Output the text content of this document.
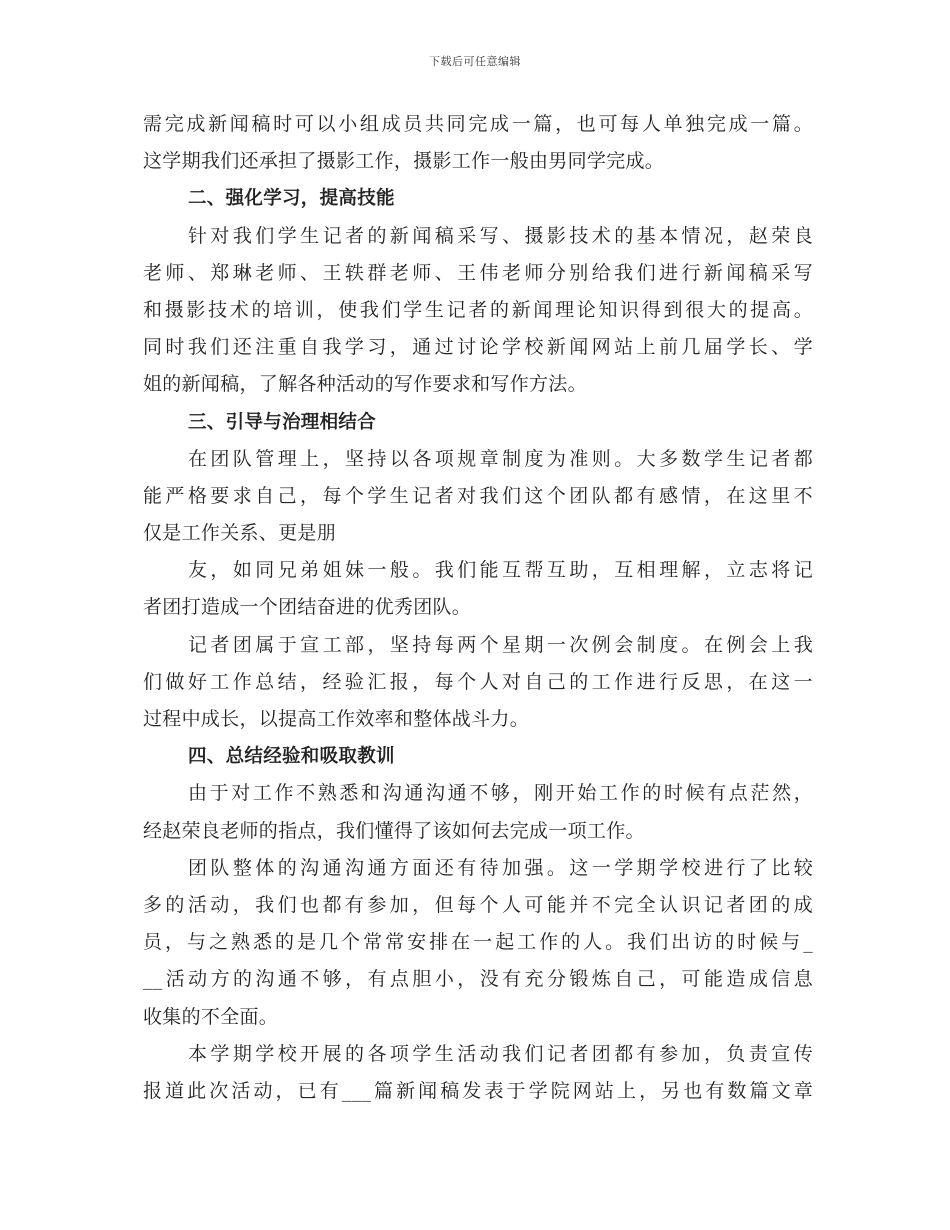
下载后可任意编辑
需完成新闻稿时可以小组成员共同完成一篇，也可每人单独完成一篇。
这学期我们还承担了摄影工作，摄影工作一般由男同学完成。
二、强化学习，提高技能
针对我们学生记者的新闻稿采写、摄影技术的基本情况，赵荣良
老师、郑琳老师、王轶群老师、王伟老师分别给我们进行新闻稿采写
和摄影技术的培训，使我们学生记者的新闻理论知识得到很大的提高。
同时我们还注重自我学习，通过讨论学校新闻网站上前几届学长、学
姐的新闻稿，了解各种活动的写作要求和写作方法。
三、引导与治理相结合
在团队管理上，坚持以各项规章制度为准则。大多数学生记者都
能严格要求自己，每个学生记者对我们这个团队都有感情，在这里不
仅是工作关系、更是朋
友，如同兄弟姐妹一般。我们能互帮互助，互相理解，立志将记
者团打造成一个团结奋进的优秀团队。
记者团属于宣工部，坚持每两个星期一次例会制度。在例会上我
们做好工作总结，经验汇报，每个人对自己的工作进行反思，在这一
过程中成长，以提高工作效率和整体战斗力。
四、总结经验和吸取教训
由于对工作不熟悉和沟通沟通不够，刚开始工作的时候有点茫然，
经赵荣良老师的指点，我们懂得了该如何去完成一项工作。
团队整体的沟通沟通方面还有待加强。这一学期学校进行了比较
多的活动，我们也都有参加，但每个人可能并不完全认识记者团的成
员，与之熟悉的是几个常常安排在一起工作的人。我们出访的时候与_
__活动方的沟通不够，有点胆小，没有充分锻炼自己，可能造成信息
收集的不全面。
本学期学校开展的各项学生活动我们记者团都有参加，负责宣传
报道此次活动，已有___篇新闻稿发表于学院网站上，另也有数篇文章
